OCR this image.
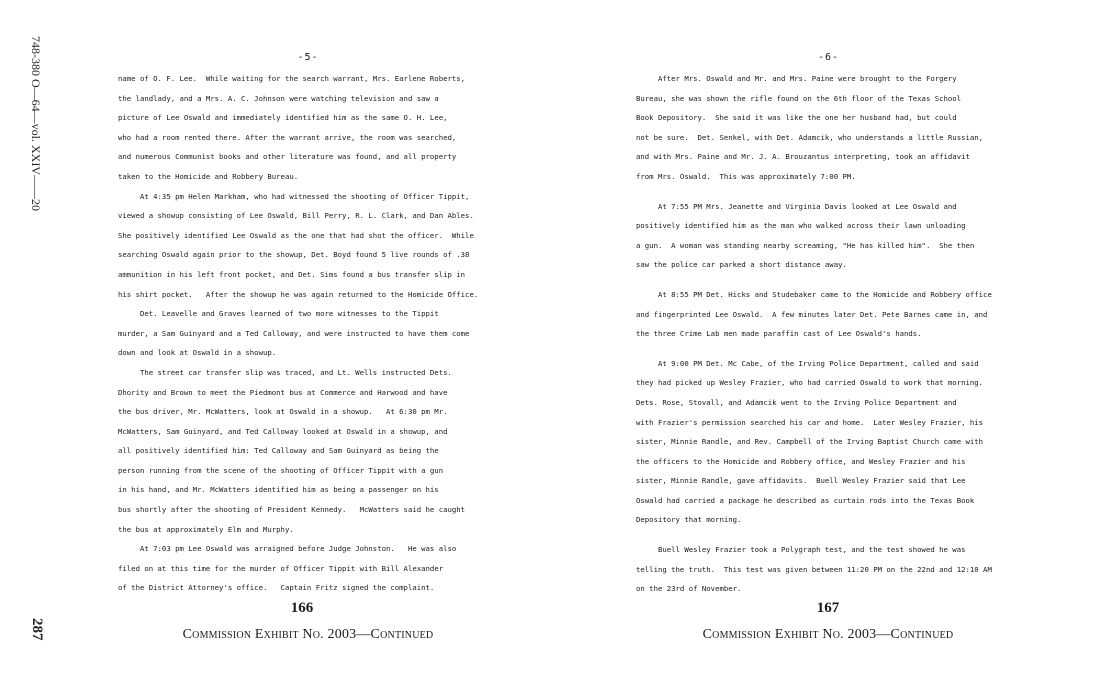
748-380 O—64—vol. XXIV——20
287
-5-

name of O. F. Lee.  While waiting for the search warrant, Mrs. Earlene Roberts,
the landlady, and a Mrs. A. C. Johnson were watching television and saw a
picture of Lee Oswald and immediately identified him as the same O. H. Lee,
who had a room rented there. After the warrant arrive, the room was searched,
and numerous Communist books and other literature was found, and all property
taken to the Homicide and Robbery Bureau.

At 4:35 pm Helen Markham, who had witnessed the shooting of Officer Tippit,
viewed a showup consisting of Lee Oswald, Bill Perry, R. L. Clark, and Dan Ables.
She positively identified Lee Oswald as the one that had shot the officer.  While
searching Oswald again prior to the showup, Det. Boyd found 5 live rounds of .38
ammunition in his left front pocket, and Det. Sims found a bus transfer slip in
his shirt pocket.   After the showup he was again returned to the Homicide Office.

Det. Leavelle and Graves learned of two more witnesses to the Tippit
murder, a Sam Guinyard and a Ted Calloway, and were instructed to have them come
down and look at Oswald in a showup.

The street car transfer slip was traced, and Lt. Wells instructed Dets.
Dhority and Brown to meet the Piedmont bus at Commerce and Harwood and have
the bus driver, Mr. McWatters, look at Oswald in a showup.   At 6:30 pm Mr.
McWatters, Sam Guinyard, and Ted Calloway looked at Oswald in a showup, and
all positively identified him: Ted Calloway and Sam Guinyard as being the
person running from the scene of the shooting of Officer Tippit with a gun
in his hand, and Mr. McWatters identified him as being a passenger on his
bus shortly after the shooting of President Kennedy.   McWatters said he caught
the bus at approximately Elm and Murphy.

At 7:03 pm Lee Oswald was arraigned before Judge Johnston.   He was also
filed on at this time for the murder of Officer Tippit with Bill Alexander
of the District Attorney's office.   Captain Fritz signed the complaint.

-6-

After Mrs. Oswald and Mr. and Mrs. Paine were brought to the Forgery
Bureau, she was shown the rifle found on the 6th floor of the Texas School
Book Depository.  She said it was like the one her husband had, but could
not be sure.  Det. Senkel, with Det. Adamcik, who understands a little Russian,
and with Mrs. Paine and Mr. J. A. Brouzantus interpreting, took an affidavit
from Mrs. Oswald.  This was approximately 7:00 PM.

At 7:55 PM Mrs. Jeanette and Virginia Davis looked at Lee Oswald and
positively identified him as the man who walked across their lawn unloading
a gun.  A woman was standing nearby screaming, "He has killed him".  She then
saw the police car parked a short distance away.

At 8:55 PM Det. Hicks and Studebaker came to the Homicide and Robbery office
and fingerprinted Lee Oswald.  A few minutes later Det. Pete Barnes came in, and
the three Crime Lab men made paraffin cast of Lee Oswald's hands.

At 9:00 PM Det. Mc Cabe, of the Irving Police Department, called and said
they had picked up Wesley Frazier, who had carried Oswald to work that morning.
Dets. Rose, Stovall, and Adamcik went to the Irving Police Department and
with Frazier's permission searched his car and home.  Later Wesley Frazier, his
sister, Minnie Randle, and Rev. Campbell of the Irving Baptist Church came with
the officers to the Homicide and Robbery office, and Wesley Frazier and his
sister, Minnie Randle, gave affidavits.  Buell Wesley Frazier said that Lee
Oswald had carried a package he described as curtain rods into the Texas Book
Depository that morning.

Buell Wesley Frazier took a Polygraph test, and the test showed he was
telling the truth.  This test was given between 11:20 PM on the 22nd and 12:10 AM
on the 23rd of November.

166	167
Commission Exhibit No. 2003—Continued	Commission Exhibit No. 2003—Continued
